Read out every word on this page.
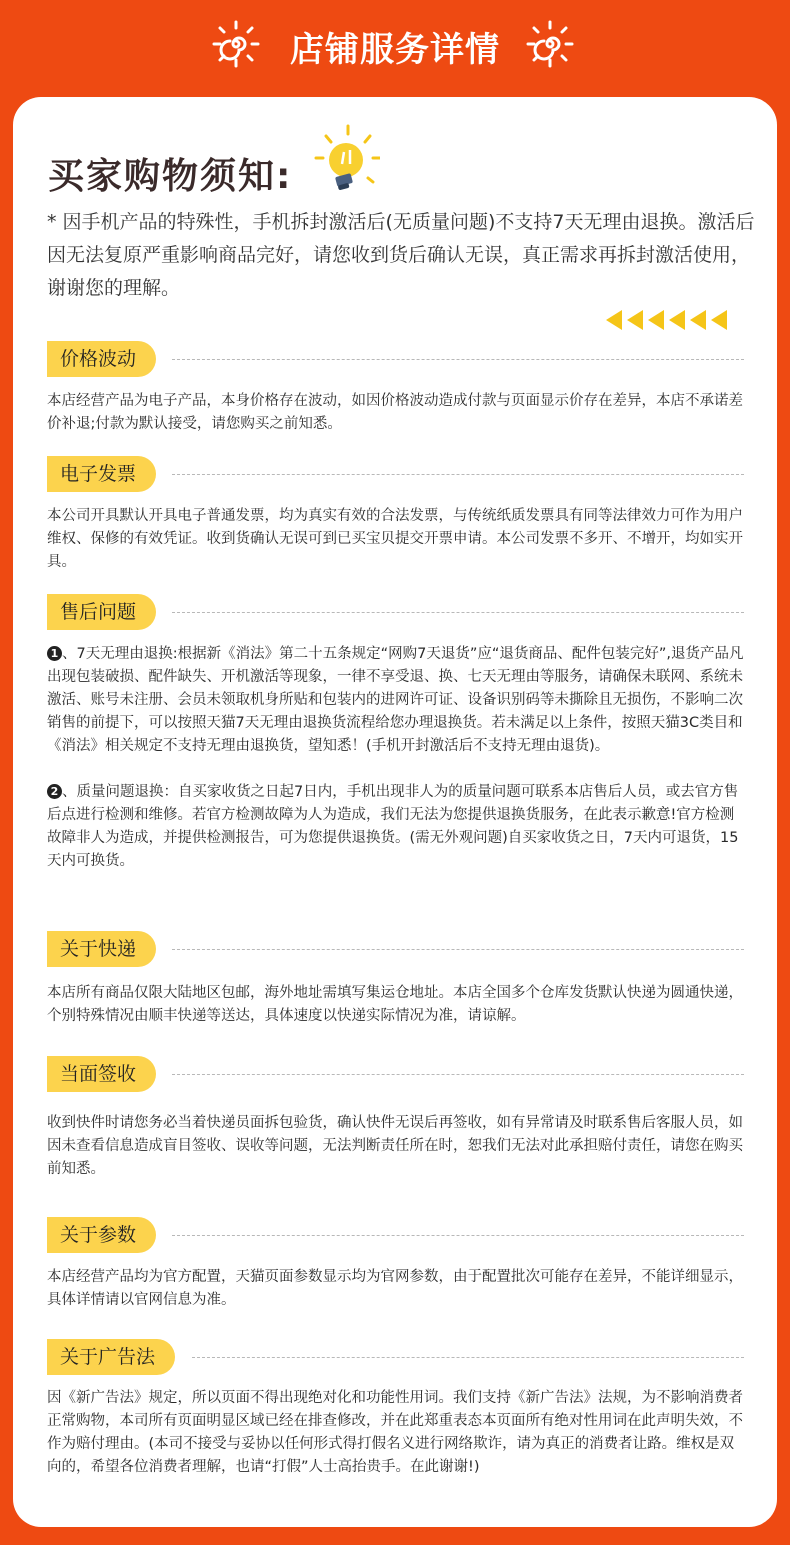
店铺服务详情
买家购物须知:
* 因手机产品的特殊性，手机拆封激活后(无质量问题)不支持7天无理由退换。激活后因无法复原严重影响商品完好，请您收到货后确认无误，真正需求再拆封激活使用，谢谢您的理解。
价格波动
本店经营产品为电子产品，本身价格存在波动，如因价格波动造成付款与页面显示价存在差异，本店不承诺差价补退;付款为默认接受，请您购买之前知悉。
电子发票
本公司开具默认开具电子普通发票，均为真实有效的合法发票，与传统纸质发票具有同等法律效力可作为用户维权、保修的有效凭证。收到货确认无误可到已买宝贝提交开票申请。本公司发票不多开、不增开，均如实开具。
售后问题

1 、7天无理由退换:根据新《消法》第二十五条规定“网购7天退货”应“退货商品、配件包装完好”,退货产品凡出现包装破损、配件缺失、开机激活等现象，一律不享受退、换、七天无理由等服务，请确保未联网、系统未激活、账号未注册、会员未领取机身所贴和包装内的进网许可证、设备识别码等未撕除且无损伤，不影响二次销售的前提下，可以按照天猫7天无理由退换货流程给您办理退换货。若未满足以上条件，按照天猫3C类目和《消法》相关规定不支持无理由退换货，望知悉！(手机开封激活后不支持无理由退货)。

2 、质量问题退换：自买家收货之日起7日内，手机出现非人为的质量问题可联系本店售后人员，或去官方售后点进行检测和维修。若官方检测故障为人为造成，我们无法为您提供退换货服务，在此表示歉意!官方检测故障非人为造成，并提供检测报告，可为您提供退换货。(需无外观问题)自买家收货之日，7天内可退货，15天内可换货。

关于快递
本店所有商品仅限大陆地区包邮，海外地址需填写集运仓地址。本店全国多个仓库发货默认快递为圆通快递，个别特殊情况由顺丰快递等送达，具体速度以快递实际情况为准，请谅解。
当面签收
收到快件时请您务必当着快递员面拆包验货，确认快件无误后再签收，如有异常请及时联系售后客服人员，如因未查看信息造成盲目签收、误收等问题，无法判断责任所在时，恕我们无法对此承担赔付责任，请您在购买前知悉。
关于参数
本店经营产品均为官方配置，天猫页面参数显示均为官网参数，由于配置批次可能存在差异，不能详细显示，具体详情请以官网信息为准。
关于广告法
因《新广告法》规定，所以页面不得出现绝对化和功能性用词。我们支持《新广告法》法规，为不影响消费者正常购物，本司所有页面明显区域已经在排查修改，并在此郑重表态本页面所有绝对性用词在此声明失效，不作为赔付理由。(本司不接受与妥协以任何形式得打假名义进行网络欺诈，请为真正的消费者让路。维权是双向的，希望各位消费者理解，也请“打假”人士高抬贵手。在此谢谢!)
